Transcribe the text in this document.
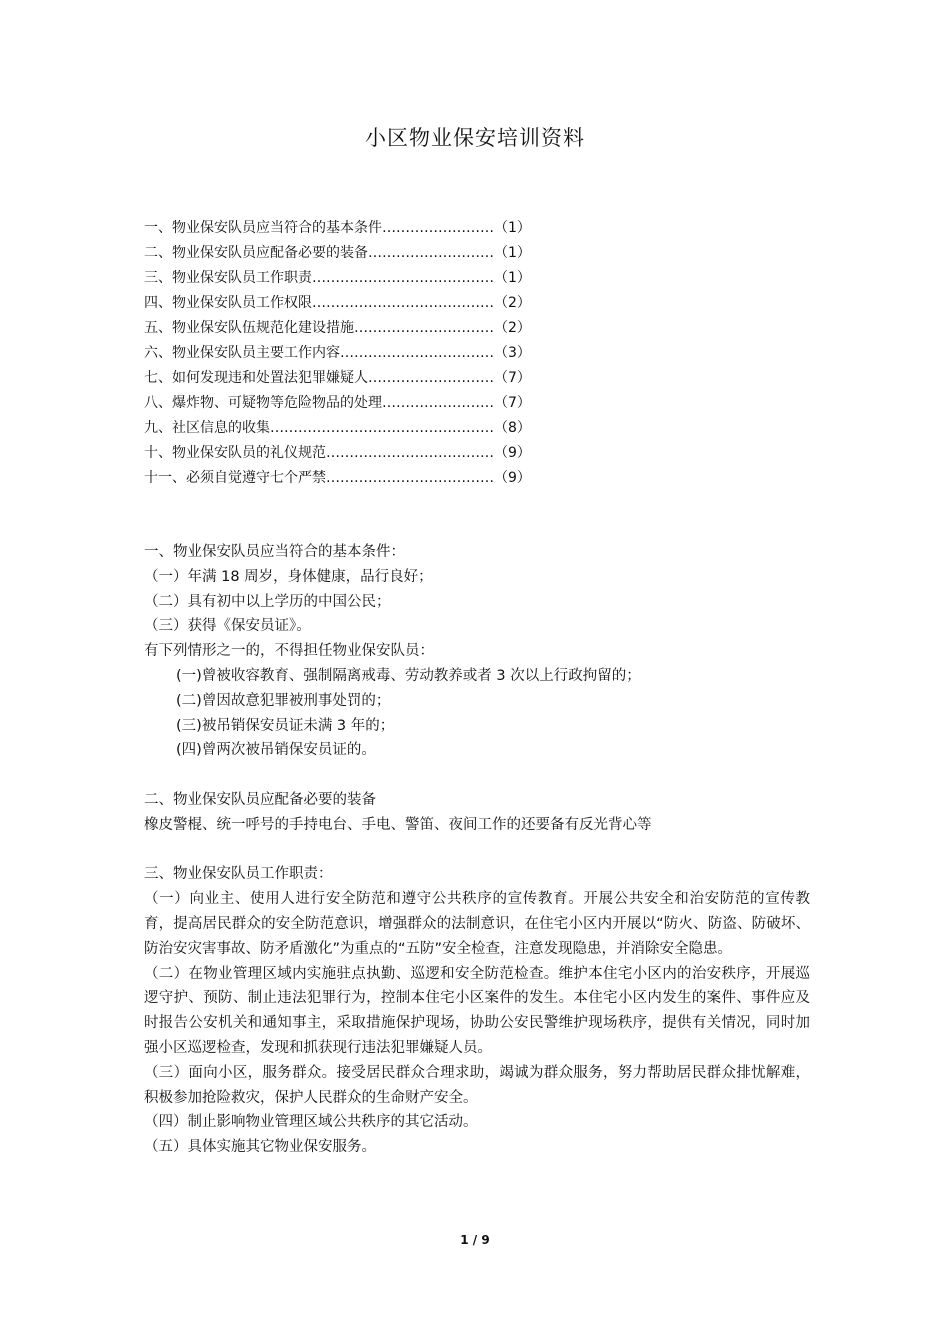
小区物业保安培训资料
一、物业保安队员应当符合的基本条件……………………（1）
二、物业保安队员应配备必要的装备………………………（1）
三、物业保安队员工作职责…………………………………（1）
四、物业保安队员工作权限…………………………………（2）
五、物业保安队伍规范化建设措施…………………………（2）
六、物业保安队员主要工作内容……………………………（3）
七、如何发现违和处置法犯罪嫌疑人………………………（7）
八、爆炸物、可疑物等危险物品的处理……………………（7）
九、社区信息的收集…………………………………………（8）
十、物业保安队员的礼仪规范………………………………（9）
十一、必须自觉遵守七个严禁………………………………（9）

一、物业保安队员应当符合的基本条件：

（一）年满 18 周岁，身体健康，品行良好；

（二）具有初中以上学历的中国公民；

（三）获得《保安员证》。

有下列情形之一的，不得担任物业保安队员：

(一)曾被收容教育、强制隔离戒毒、劳动教养或者 3 次以上行政拘留的；

(二)曾因故意犯罪被刑事处罚的；

(三)被吊销保安员证未满 3 年的；

(四)曾两次被吊销保安员证的。

二、物业保安队员应配备必要的装备

橡皮警棍、统一呼号的手持电台、手电、警笛、夜间工作的还要备有反光背心等

三、物业保安队员工作职责：

（一）向业主、使用人进行安全防范和遵守公共秩序的宣传教育。开展公共安全和治安防范的宣传教育，提高居民群众的安全防范意识，增强群众的法制意识，在住宅小区内开展以“防火、防盗、防破坏、防治安灾害事故、防矛盾激化”为重点的“五防”安全检查，注意发现隐患，并消除安全隐患。

（二）在物业管理区域内实施驻点执勤、巡逻和安全防范检查。维护本住宅小区内的治安秩序，开展巡逻守护、预防、制止违法犯罪行为，控制本住宅小区案件的发生。本住宅小区内发生的案件、事件应及时报告公安机关和通知事主，采取措施保护现场，协助公安民警维护现场秩序，提供有关情况，同时加强小区巡逻检查，发现和抓获现行违法犯罪嫌疑人员。

（三）面向小区，服务群众。接受居民群众合理求助，竭诚为群众服务，努力帮助居民群众排忧解难，积极参加抢险救灾，保护人民群众的生命财产安全。

（四）制止影响物业管理区域公共秩序的其它活动。

（五）具体实施其它物业保安服务。

1 / 9
